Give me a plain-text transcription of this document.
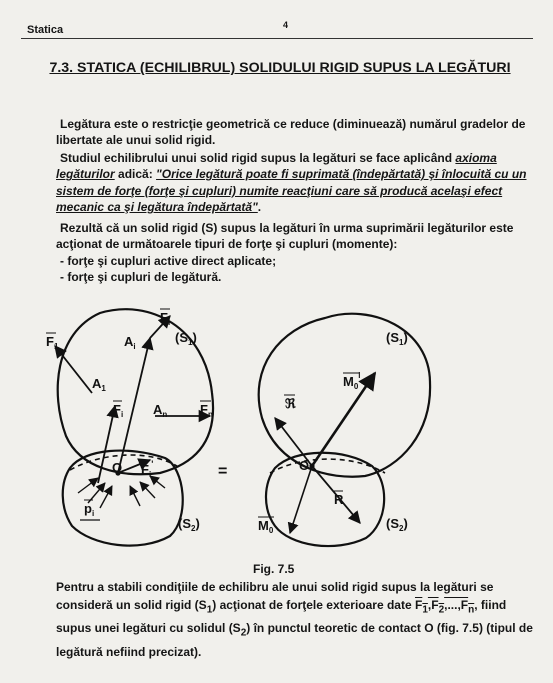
Statica	4
7.3. STATICA (ECHILIBRUL) SOLIDULUI RIGID SUPUS LA LEGĂTURI
Legătura este o restricţie geometrică ce reduce (diminuează) numărul gradelor de libertate ale unui solid rigid.
Studiul echilibrului unui solid rigid supus la legături se face aplicând axioma legăturilor adică: "Orice legătură poate fi suprimată (îndepărtată) şi înlocuită cu un sistem de forţe (forţe şi cupluri) numite reacţiuni care să producă acelaşi efect mecanic ca şi legătura îndepărtată".
Rezultă că un solid rigid (S) supus la legături în urma suprimării legăturilor este acţionat de următoarele tipuri de forţe şi cupluri (momente):
- forţe şi cupluri active direct aplicate;
- forţe şi cupluri de legătură.
$F_1$
$F_i$
$A_1$
$A_i$
$(S_1)$
$F_i$ $A_n$	$F_n$
O $F_i'$
$p_i$
$(S_2)$
=
$(S_1)$
$M_0^l$
ℜ
O
R
$M_0$	$(S_2)$
Fig. 7.5
Pentru a stabili condiţiile de echilibru ale unui solid rigid supus la legături se consideră un solid rigid $(S_1)$ acţionat de forţele exterioare date $F_1,F_2,...,F_n$, fiind supus unei legături cu solidul $(S_2)$ în punctul teoretic de contact O (fig. 7.5) (tipul de legătură nefiind precizat).
